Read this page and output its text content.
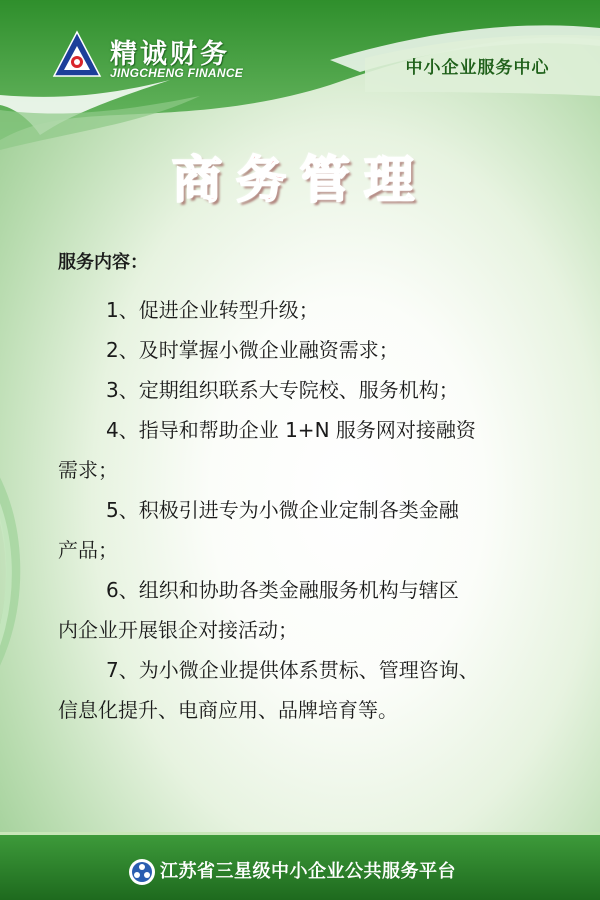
精诚财务
JINGCHENG FINANCE	中小企业服务中心
商务管理
服务内容：
1、促进企业转型升级；
2、及时掌握小微企业融资需求；
3、定期组织联系大专院校、服务机构；
4、指导和帮助企业 1+N 服务网对接融资
需求；
5、积极引进专为小微企业定制各类金融
产品；
6、组织和协助各类金融服务机构与辖区
内企业开展银企对接活动；
7、为小微企业提供体系贯标、管理咨询、
信息化提升、电商应用、品牌培育等。
江苏省三星级中小企业公共服务平台
